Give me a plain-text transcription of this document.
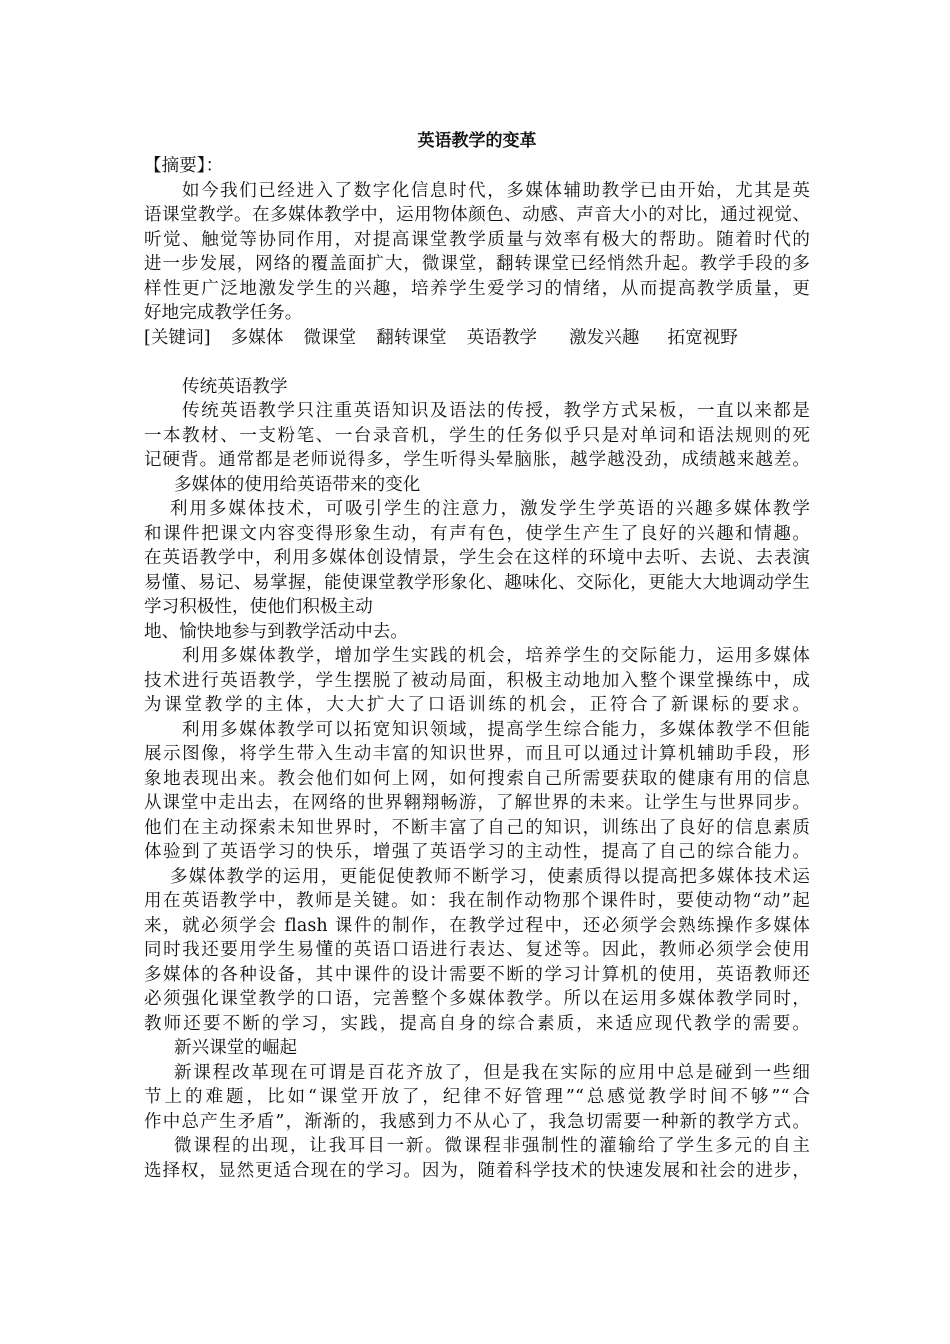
英语教学的变革
【摘要】：
如今我们已经进入了数字化信息时代，多媒体辅助教学已由开始，尤其是英
语课堂教学。在多媒体教学中，运用物体颜色、动感、声音大小的对比，通过视觉、
听觉、触觉等协同作用，对提高课堂教学质量与效率有极大的帮助。随着时代的
进一步发展，网络的覆盖面扩大，微课堂，翻转课堂已经悄然升起。教学手段的多
样性更广泛地激发学生的兴趣，培养学生爱学习的情绪，从而提高教学质量，更
好地完成教学任务。
[关键词] 多媒体 微课堂 翻转课堂 英语教学 激发兴趣 拓宽视野
传统英语教学
传统英语教学只注重英语知识及语法的传授，教学方式呆板，一直以来都是
一本教材、一支粉笔、一台录音机，学生的任务似乎只是对单词和语法规则的死
记硬背。通常都是老师说得多，学生听得头晕脑胀，越学越没劲，成绩越来越差。
多媒体的使用给英语带来的变化
利用多媒体技术，可吸引学生的注意力，激发学生学英语的兴趣多媒体教学
和课件把课文内容变得形象生动，有声有色，使学生产生了良好的兴趣和情趣。
在英语教学中，利用多媒体创设情景，学生会在这样的环境中去听、去说、去表演
易懂、易记、易掌握，能使课堂教学形象化、趣味化、交际化，更能大大地调动学生
学习积极性，使他们积极主动
地、愉快地参与到教学活动中去。
利用多媒体教学，增加学生实践的机会，培养学生的交际能力，运用多媒体
技术进行英语教学，学生摆脱了被动局面，积极主动地加入整个课堂操练中，成
为课堂教学的主体，大大扩大了口语训练的机会，正符合了新课标的要求。
利用多媒体教学可以拓宽知识领域，提高学生综合能力，多媒体教学不但能
展示图像，将学生带入生动丰富的知识世界，而且可以通过计算机辅助手段，形
象地表现出来。教会他们如何上网，如何搜索自己所需要获取的健康有用的信息
从课堂中走出去，在网络的世界翱翔畅游，了解世界的未来。让学生与世界同步。
他们在主动探索未知世界时，不断丰富了自己的知识，训练出了良好的信息素质
体验到了英语学习的快乐，增强了英语学习的主动性，提高了自己的综合能力。
多媒体教学的运用，更能促使教师不断学习，使素质得以提高把多媒体技术运
用在英语教学中，教师是关键。如：我在制作动物那个课件时，要使动物“动”起
来，就必须学会 flash 课件的制作，在教学过程中，还必须学会熟练操作多媒体
同时我还要用学生易懂的英语口语进行表达、复述等。因此，教师必须学会使用
多媒体的各种设备，其中课件的设计需要不断的学习计算机的使用，英语教师还
必须强化课堂教学的口语，完善整个多媒体教学。所以在运用多媒体教学同时，
教师还要不断的学习，实践，提高自身的综合素质，来适应现代教学的需要。
新兴课堂的崛起
新课程改革现在可谓是百花齐放了，但是我在实际的应用中总是碰到一些细
节上的难题，比如“课堂开放了，纪律不好管理”“总感觉教学时间不够”“合
作中总产生矛盾”，渐渐的，我感到力不从心了，我急切需要一种新的教学方式。
微课程的出现，让我耳目一新。微课程非强制性的灌输给了学生多元的自主
选择权，显然更适合现在的学习。因为，随着科学技术的快速发展和社会的进步，
